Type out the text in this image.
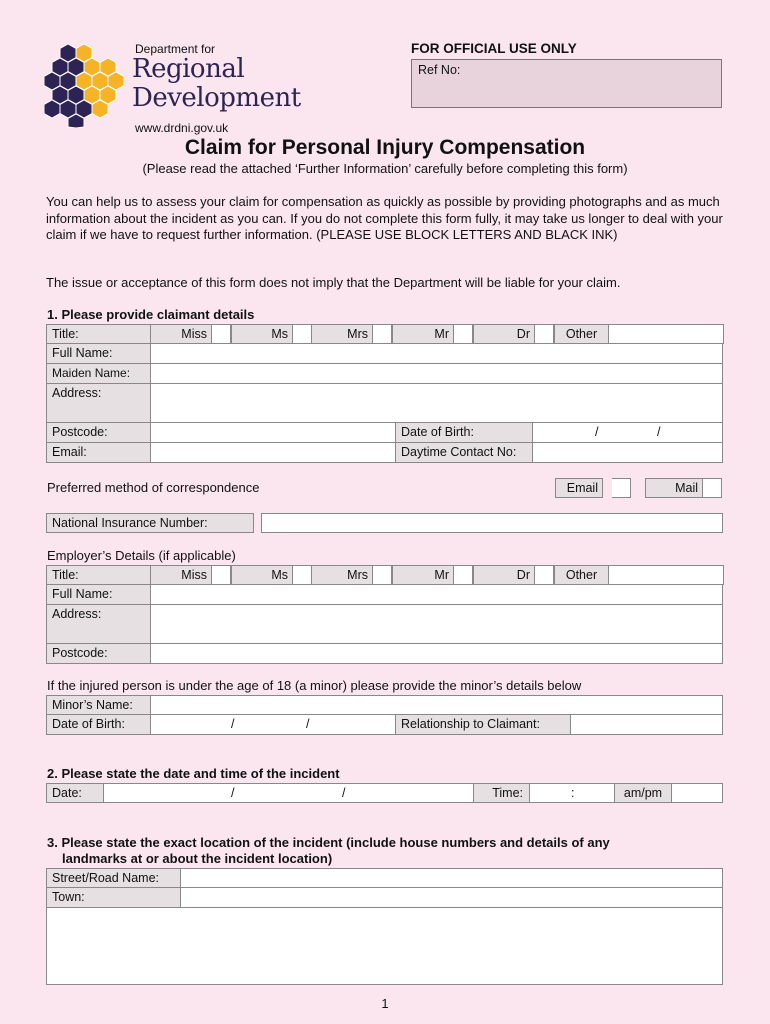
Department for
Regional
Development
www.drdni.gov.uk
FOR OFFICIAL USE ONLY
Ref No:
Claim for Personal Injury Compensation
(Please read the attached ‘Further Information’ carefully before completing this form)
You can help us to assess your claim for compensation as quickly as possible by providing photographs and as much information about the incident as you can. If you do not complete this form fully, it may take us longer to deal with your claim if we have to request further information. (PLEASE USE BLOCK LETTERS AND BLACK INK)
The issue or acceptance of this form does not imply that the Department will be liable for your claim.
1. Please provide claimant details
Title:	Miss	Ms	Mrs	Mr	Dr	Other
Full Name:
Maiden Name:
Address:
Postcode:	Date of Birth:	/	/
Email:	Daytime Contact No:
Preferred method of correspondence	Email	Mail
National Insurance Number:
Employer’s Details (if applicable)
Title:	Miss	Ms	Mrs	Mr	Dr	Other
Full Name:
Address:
Postcode:
If the injured person is under the age of 18 (a minor) please provide the minor’s details below
Minor’s Name:
Date of Birth:	/	/	Relationship to Claimant:
2. Please state the date and time of the incident
Date:	/	/	Time:	:	am/pm
3. Please state the exact location of the incident (include house numbers and details of any
landmarks at or about the incident location)
Street/Road Name:
Town:
1
